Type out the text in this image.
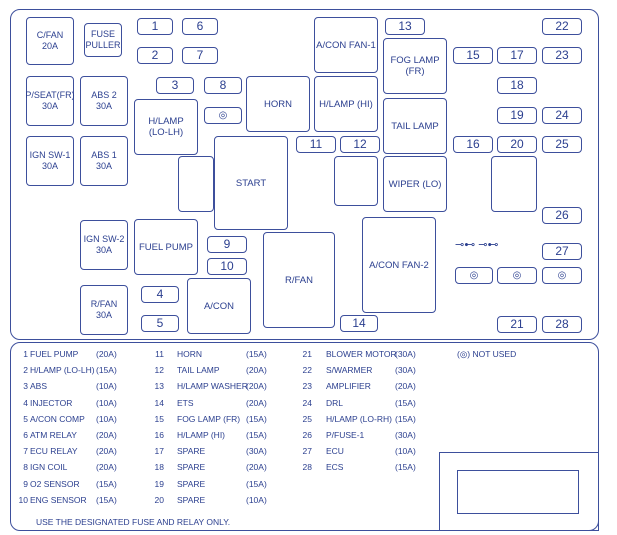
C/FAN
20A
FUSE
PULLER
1	6
2	7
P/SEAT(FR)
30A
ABS 2
30A
3	8
IGN SW-1
30A
ABS 1
30A
13	22
15	17	23
18
19	24
11	12	16	20	25
26
IGN SW-2
30A	9
10
27
4
R/FAN
30A
5	14	21	28
H/LAMP
(LO-LH)
HORN
A/CON FAN-1
H/LAMP (HI)
FOG LAMP
(FR)
TAIL LAMP
WIPER (LO)
START
FUEL PUMP
R/FAN
A/CON FAN-2
A/CON
◎
◎	◎	◎
⊸⊷ ⊸⊷
1 FUEL PUMP (20A)
2 H/LAMP (LO-LH) (15A)
3 ABS	(10A)
4 INJECTOR	(10A)
5 A/CON COMP (10A)
6 ATM RELAY (20A)
7 ECU RELAY (20A)
8 IGN COIL	(20A)
9 O2 SENSOR (15A)
10 ENG SENSOR (15A)
11 HORN	(15A)
12 TAIL LAMP	(20A)
13 H/LAMP WASHER
(20A)
14 ETS	(20A)
15 FOG LAMP (FR) (15A)
16 H/LAMP (HI) (15A)
17 SPARE	(30A)
18 SPARE	(20A)
19 SPARE	(15A)
20 SPARE	(10A)
21 BLOWER MOTOR
(30A)
22 S/WARMER	(30A)
23 AMPLIFIER	(20A)
24 DRL	(15A)
25 H/LAMP (LO-RH) (15A)
26 P/FUSE-1	(30A)
27 ECU	(10A)
28 ECS	(15A)
(◎) NOT USED
USE THE DESIGNATED FUSE AND RELAY ONLY.
